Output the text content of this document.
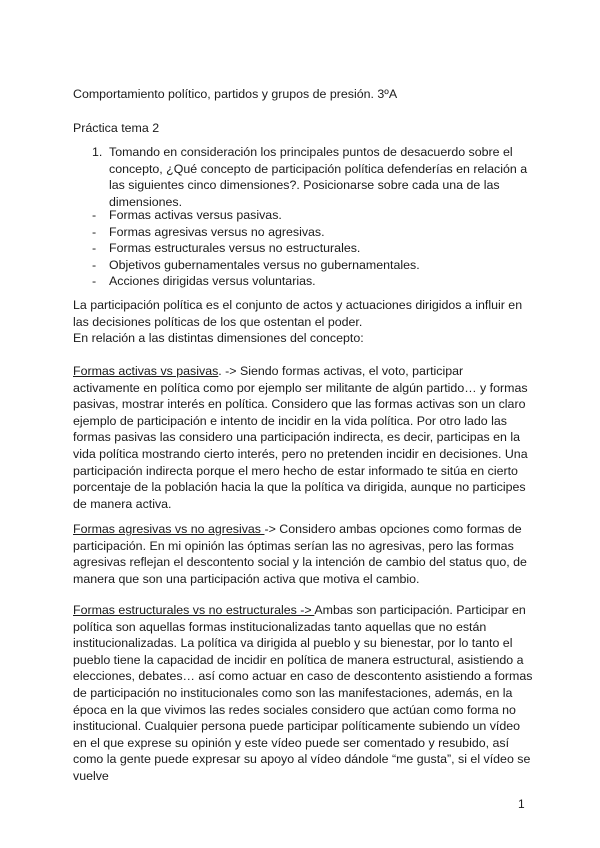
Comportamiento político, partidos y grupos de presión. 3ºA
Práctica tema 2
1. Tomando en consideración los principales puntos de desacuerdo sobre el concepto, ¿Qué concepto de participación política defenderías en relación a las siguientes cinco dimensiones?. Posicionarse sobre cada una de las dimensiones.
- Formas activas versus pasivas.
- Formas agresivas versus no agresivas.
- Formas estructurales versus no estructurales.
- Objetivos gubernamentales versus no gubernamentales.
- Acciones dirigidas versus voluntarias.
La participación política es el conjunto de actos y actuaciones dirigidos a influir en las decisiones políticas de los que ostentan el poder.
En relación a las distintas dimensiones del concepto:
Formas activas vs pasivas. -> Siendo formas activas, el voto, participar activamente en política como por ejemplo ser militante de algún partido… y formas pasivas, mostrar interés en política. Considero que las formas activas son un claro ejemplo de participación e intento de incidir en la vida política. Por otro lado las formas pasivas las considero una participación indirecta, es decir, participas en la vida política mostrando cierto interés, pero no pretenden incidir en decisiones. Una participación indirecta porque el mero hecho de estar informado te sitúa en cierto porcentaje de la población hacia la que la política va dirigida, aunque no participes de manera activa.
Formas agresivas vs no agresivas -> Considero ambas opciones como formas de participación. En mi opinión las óptimas serían las no agresivas, pero las formas agresivas reflejan el descontento social y la intención de cambio del status quo, de manera que son una participación activa que motiva el cambio.
Formas estructurales vs no estructurales -> Ambas son participación. Participar en política son aquellas formas institucionalizadas tanto aquellas que no están institucionalizadas. La política va dirigida al pueblo y su bienestar, por lo tanto el pueblo tiene la capacidad de incidir en política de manera estructural, asistiendo a elecciones, debates… así como actuar en caso de descontento asistiendo a formas de participación no institucionales como son las manifestaciones, además, en la época en la que vivimos las redes sociales considero que actúan como forma no institucional. Cualquier persona puede participar políticamente subiendo un vídeo en el que exprese su opinión y este vídeo puede ser comentado y resubido, así como la gente puede expresar su apoyo al vídeo dándole “me gusta”, si el vídeo se vuelve
1
